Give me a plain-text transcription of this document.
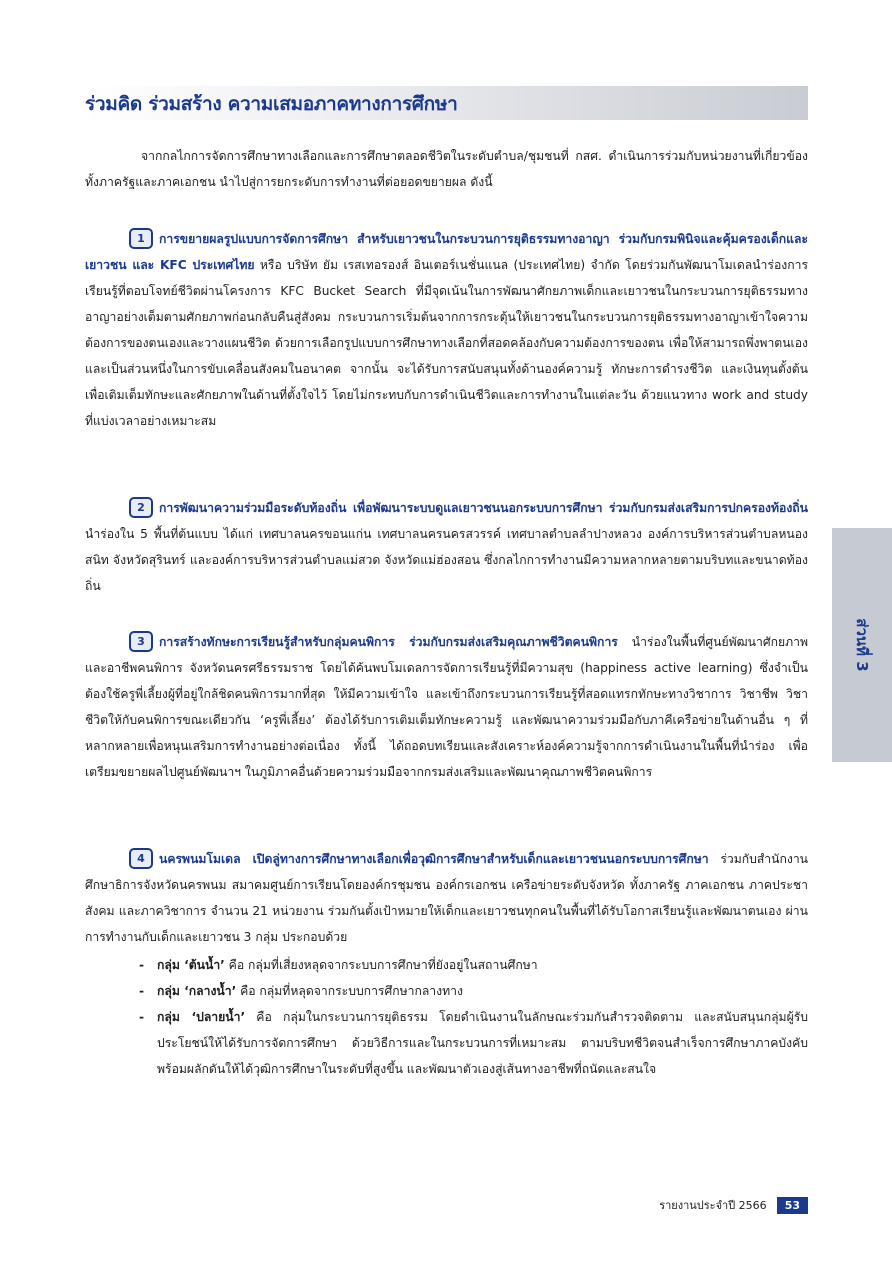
ร่วมคิด ร่วมสร้าง ความเสมอภาคทางการศึกษา

จากกลไกการจัดการศึกษาทางเลือกและการศึกษาตลอดชีวิตในระดับตำบล/ชุมชนที่ กสศ. ดำเนินการร่วมกับหน่วยงานที่เกี่ยวข้องทั้งภาครัฐและภาคเอกชน นำไปสู่การยกระดับการทำงานที่ต่อยอดขยายผล ดังนี้

1 การขยายผลรูปแบบการจัดการศึกษา สำหรับเยาวชนในกระบวนการยุติธรรมทางอาญา ร่วมกับกรมพินิจและคุ้มครองเด็กและเยาวชน และ KFC ประเทศไทย หรือ บริษัท ยัม เรสเทอรองส์ อินเตอร์เนชั่นแนล (ประเทศไทย) จำกัด โดยร่วมกันพัฒนาโมเดลนำร่องการเรียนรู้ที่ตอบโจทย์ชีวิตผ่านโครงการ KFC Bucket Search ที่มีจุดเน้นในการพัฒนาศักยภาพเด็กและเยาวชนในกระบวนการยุติธรรมทางอาญาอย่างเต็มตามศักยภาพก่อนกลับคืนสู่สังคม กระบวนการเริ่มต้นจากการกระตุ้นให้เยาวชนในกระบวนการยุติธรรมทางอาญาเข้าใจความต้องการของตนเองและวางแผนชีวิต ด้วยการเลือกรูปแบบการศึกษาทางเลือกที่สอดคล้องกับความต้องการของตน เพื่อให้สามารถพึ่งพาตนเองและเป็นส่วนหนึ่งในการขับเคลื่อนสังคมในอนาคต จากนั้น จะได้รับการสนับสนุนทั้งด้านองค์ความรู้ ทักษะการดำรงชีวิต และเงินทุนตั้งต้น เพื่อเติมเต็มทักษะและศักยภาพในด้านที่ตั้งใจไว้ โดยไม่กระทบกับการดำเนินชีวิตและการทำงานในแต่ละวัน ด้วยแนวทาง work and study ที่แบ่งเวลาอย่างเหมาะสม

2 การพัฒนาความร่วมมือระดับท้องถิ่น เพื่อพัฒนาระบบดูแลเยาวชนนอกระบบการศึกษา ร่วมกับกรมส่งเสริมการปกครองท้องถิ่น นำร่องใน 5 พื้นที่ต้นแบบ ได้แก่ เทศบาลนครขอนแก่น เทศบาลนครนครสวรรค์ เทศบาลตำบลลำปางหลวง องค์การบริหารส่วนตำบลหนองสนิท จังหวัดสุรินทร์ และองค์การบริหารส่วนตำบลแม่สวด จังหวัดแม่ฮ่องสอน ซึ่งกลไกการทำงานมีความหลากหลายตามบริบทและขนาดท้องถิ่น

3 การสร้างทักษะการเรียนรู้สำหรับกลุ่มคนพิการ ร่วมกับกรมส่งเสริมคุณภาพชีวิตคนพิการ นำร่องในพื้นที่ศูนย์พัฒนาศักยภาพและอาชีพคนพิการ จังหวัดนครศรีธรรมราช โดยได้ค้นพบโมเดลการจัดการเรียนรู้ที่มีความสุข (happiness active learning) ซึ่งจำเป็นต้องใช้ครูพี่เลี้ยงผู้ที่อยู่ใกล้ชิดคนพิการมากที่สุด ให้มีความเข้าใจ และเข้าถึงกระบวนการเรียนรู้ที่สอดแทรกทักษะทางวิชาการ วิชาชีพ วิชาชีวิตให้กับคนพิการขณะเดียวกัน ‘ครูพี่เลี้ยง’ ต้องได้รับการเติมเต็มทักษะความรู้ และพัฒนาความร่วมมือกับภาคีเครือข่ายในด้านอื่น ๆ ที่หลากหลายเพื่อหนุนเสริมการทำงานอย่างต่อเนื่อง ทั้งนี้ ได้ถอดบทเรียนและสังเคราะห์องค์ความรู้จากการดำเนินงานในพื้นที่นำร่อง เพื่อเตรียมขยายผลไปศูนย์พัฒนาฯ ในภูมิภาคอื่นด้วยความร่วมมือจากกรมส่งเสริมและพัฒนาคุณภาพชีวิตคนพิการ

4 นครพนมโมเดล เปิดลู่ทางการศึกษาทางเลือกเพื่อวุฒิการศึกษาสำหรับเด็กและเยาวชนนอกระบบการศึกษา ร่วมกับสำนักงานศึกษาธิการจังหวัดนครพนม สมาคมศูนย์การเรียนโดยองค์กรชุมชน องค์กรเอกชน เครือข่ายระดับจังหวัด ทั้งภาครัฐ ภาคเอกชน ภาคประชาสังคม และภาควิชาการ จำนวน 21 หน่วยงาน ร่วมกันตั้งเป้าหมายให้เด็กและเยาวชนทุกคนในพื้นที่ได้รับโอกาสเรียนรู้และพัฒนาตนเอง ผ่านการทำงานกับเด็กและเยาวชน 3 กลุ่ม ประกอบด้วย

- กลุ่ม ‘ต้นน้ำ’ คือ กลุ่มที่เสี่ยงหลุดจากระบบการศึกษาที่ยังอยู่ในสถานศึกษา
- กลุ่ม ‘กลางน้ำ’ คือ กลุ่มที่หลุดจากระบบการศึกษากลางทาง
- กลุ่ม ‘ปลายน้ำ’ คือ กลุ่มในกระบวนการยุติธรรม โดยดำเนินงานในลักษณะร่วมกันสำรวจติดตาม และสนับสนุนกลุ่มผู้รับประโยชน์ให้ได้รับการจัดการศึกษา ด้วยวิธีการและในกระบวนการที่เหมาะสม ตามบริบทชีวิตจนสำเร็จการศึกษาภาคบังคับ พร้อมผลักดันให้ได้วุฒิการศึกษาในระดับที่สูงขึ้น และพัฒนาตัวเองสู่เส้นทางอาชีพที่ถนัดและสนใจ
ส่วนที่ 3
รายงานประจำปี 2566	53
